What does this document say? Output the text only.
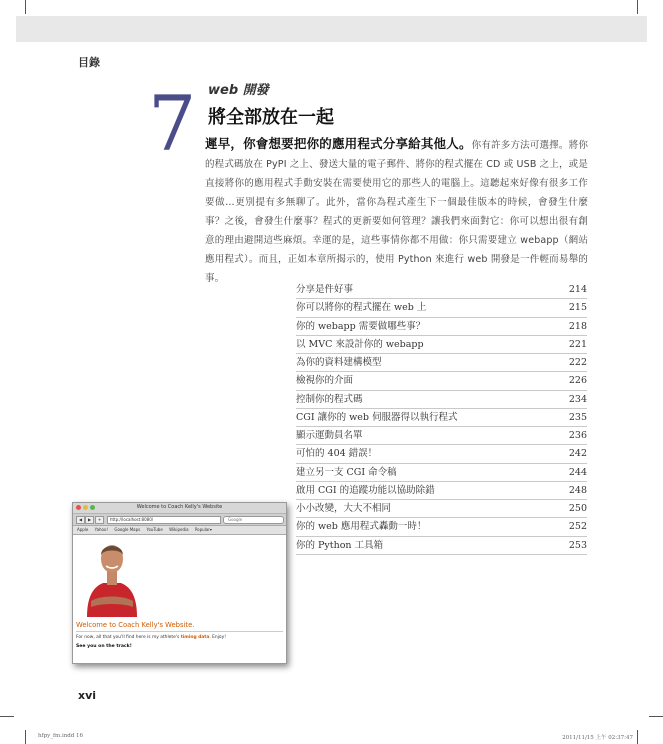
目錄
7 web 開發
將全部放在一起
遲早，你會想要把你的應用程式分享給其他人。你有許多方法可選擇。將你的程式碼放在 PyPI 之上、發送大量的電子郵件、將你的程式擺在 CD 或 USB 之上，或是直接將你的應用程式手動安裝在需要使用它的那些人的電腦上。這聽起來好像有很多工作要做…更別提有多無聊了。此外，當你為程式產生下一個最佳版本的時候，會發生什麼事？之後，會發生什麼事？程式的更新要如何管理？讓我們來面對它：你可以想出很有創意的理由避開這些麻煩。幸運的是，這些事情你都不用做：你只需要建立 webapp（網站應用程式）。而且，正如本章所揭示的，使用 Python 來進行 web 開發是一件輕而易舉的事。
分享是件好事	214
你可以將你的程式擺在 web 上	215
你的 webapp 需要做哪些事？	218
以 MVC 來設計你的 webapp	221
為你的資料建構模型	222
檢視你的介面	226
控制你的程式碼	234
CGI 讓你的 web 伺服器得以執行程式	235
顯示運動員名單	236
可怕的 404 錯誤！	242
建立另一支 CGI 命令稿	244
啟用 CGI 的追蹤功能以協助除錯	248
小小改變，大大不相同	250
你的 web 應用程式轟動一時！	252
你的 Python 工具箱	253
Welcome to Coach Kelly's Website
◀	▶	+	http://localhost:8080/	Google
Apple Yahoo! Google Maps YouTube Wikipedia Popular▾
Welcome to Coach Kelly's Website.
For now, all that you'll find here is my athlete's timing data. Enjoy!
See you on the track!
xvi
hfpy_fm.indd 16	2011/11/15 上午 02:37:47
